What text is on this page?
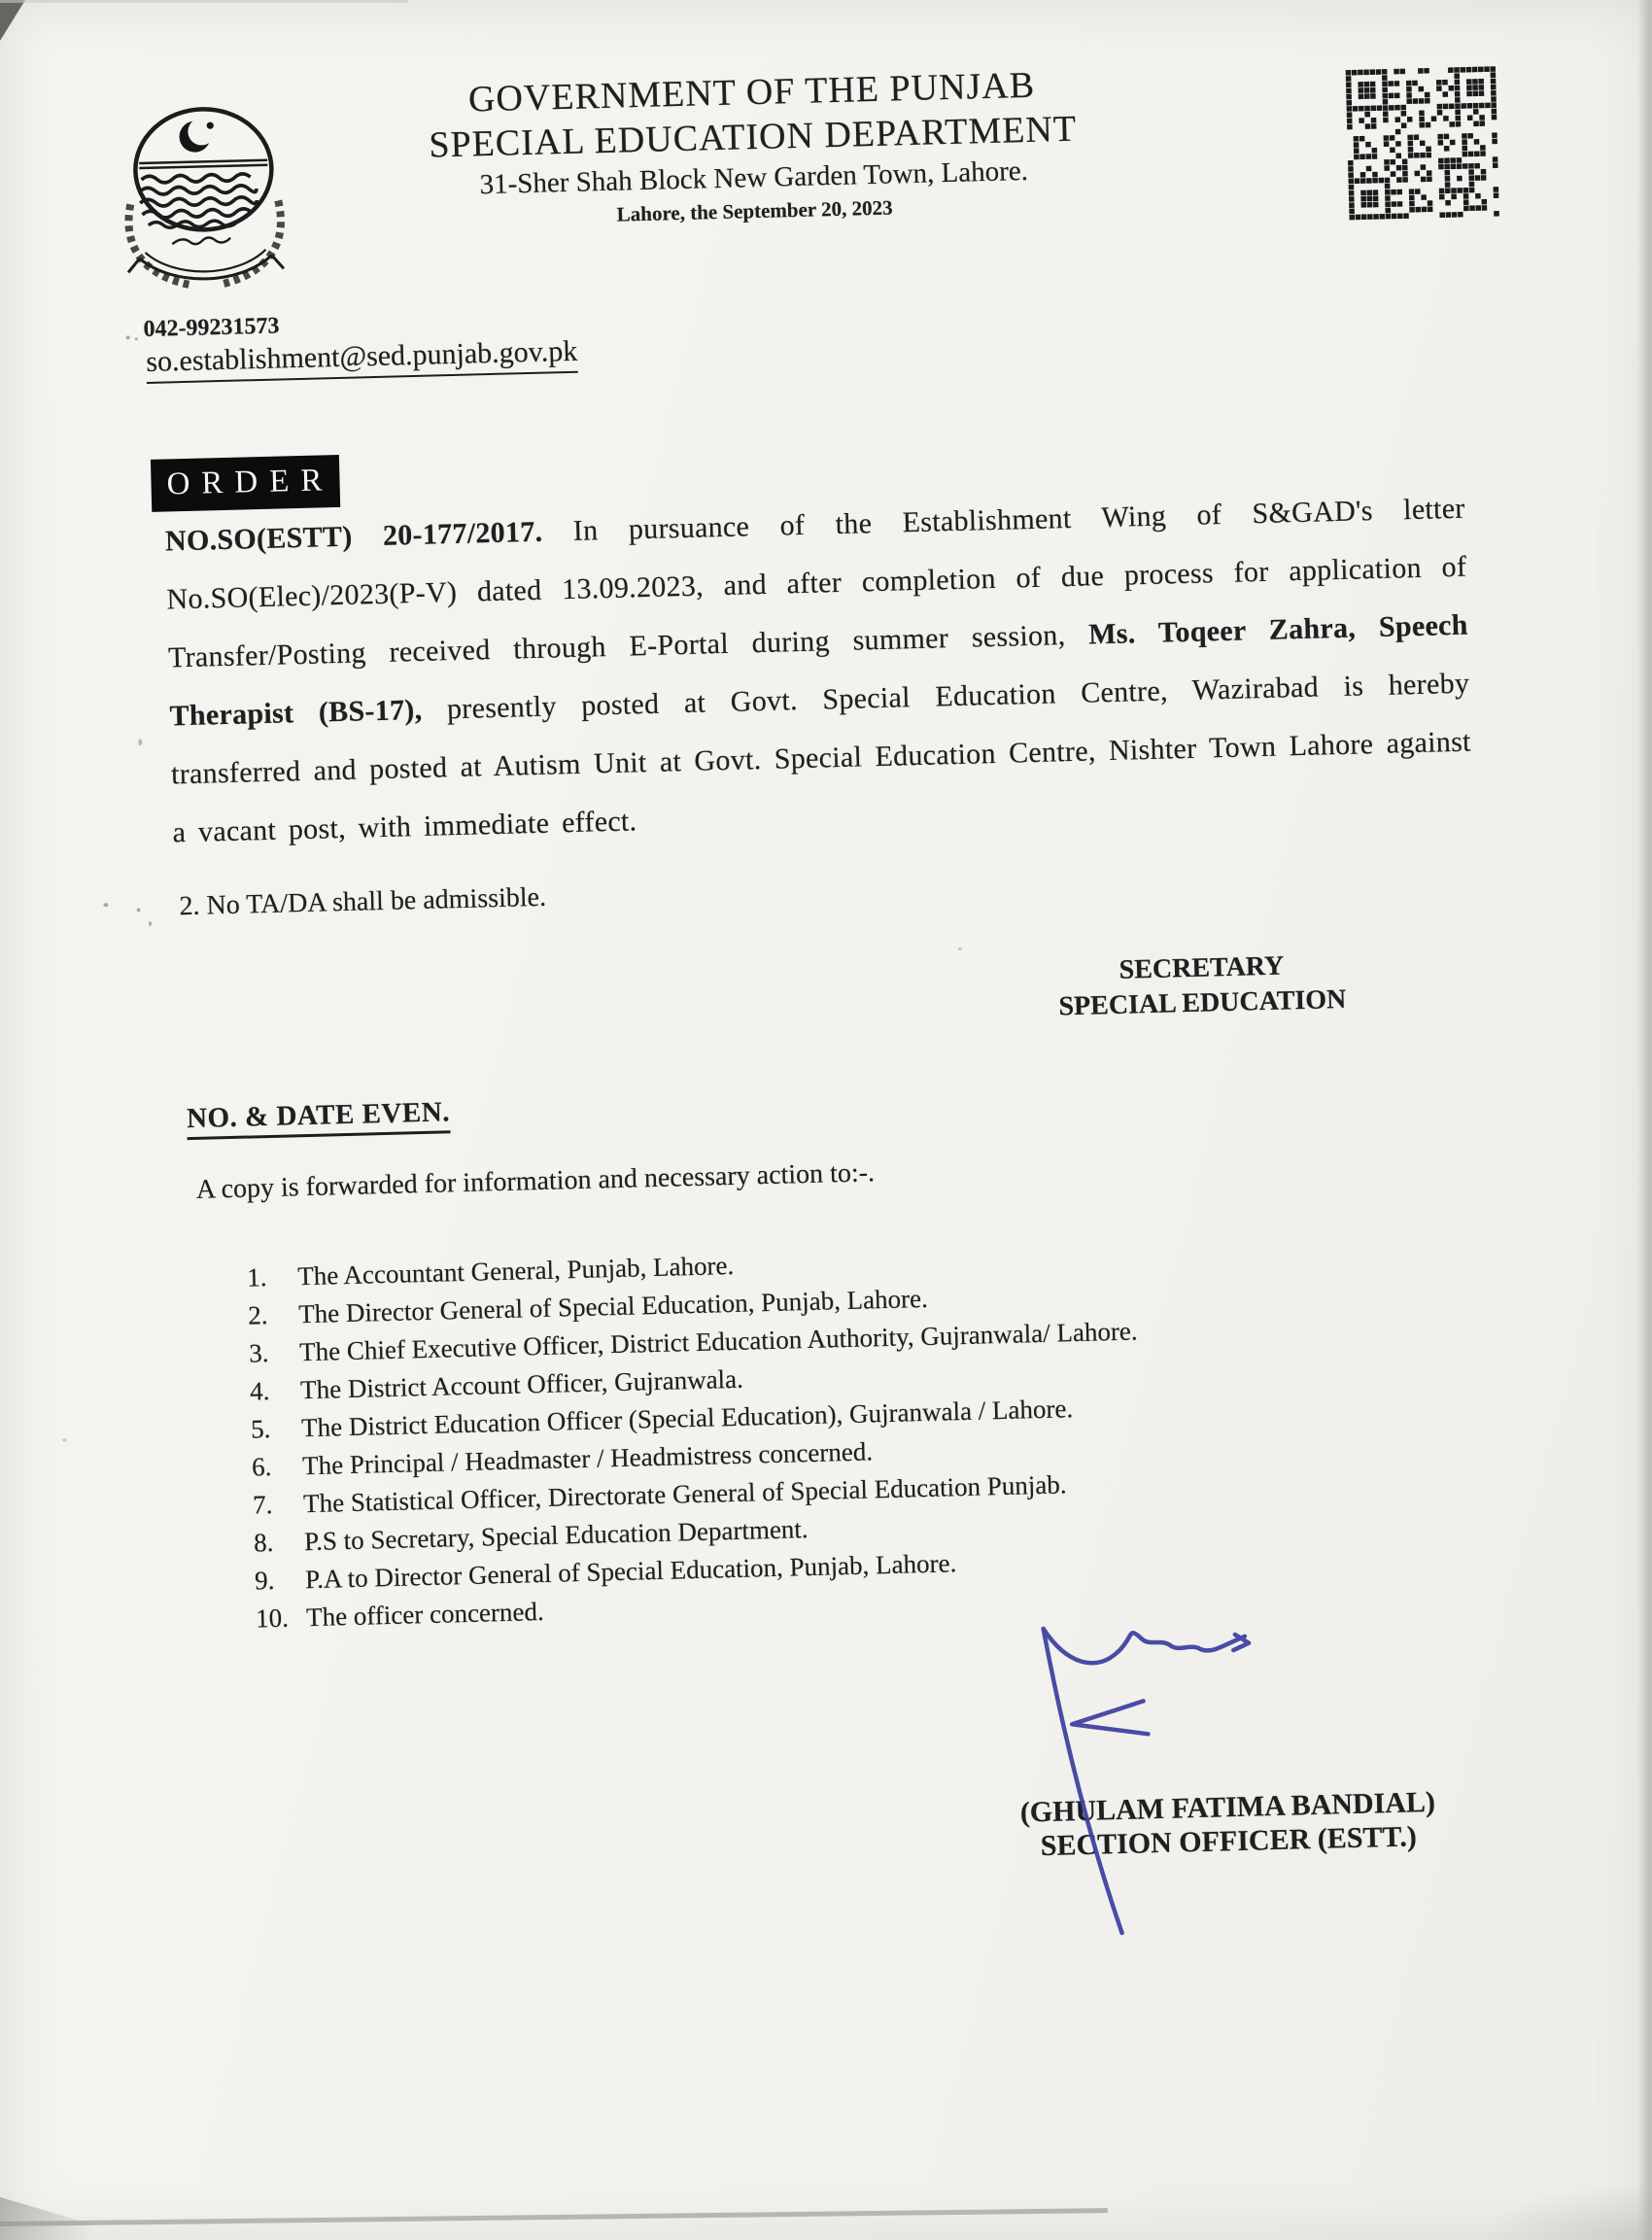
GOVERNMENT OF THE PUNJAB
SPECIAL EDUCATION DEPARTMENT
31-Sher Shah Block New Garden Town, Lahore.
Lahore, the September 20, 2023
042-99231573
so.establishment@sed.punjab.gov.pk
ORDER
NO.SO(ESTT) 20-177/2017. In pursuance of the Establishment Wing of S&GAD's letter No.SO(Elec)/2023(P-V) dated 13.09.2023, and after completion of due process for application of Transfer/Posting received through E-Portal during summer session, Ms. Toqeer Zahra, Speech Therapist (BS-17), presently posted at Govt. Special Education Centre, Wazirabad is hereby transferred and posted at Autism Unit at Govt. Special Education Centre, Nishter Town Lahore against a vacant post, with immediate effect.
2. No TA/DA shall be admissible.
SECRETARY
SPECIAL EDUCATION
NO. & DATE EVEN.
A copy is forwarded for information and necessary action to:-.
1.	The Accountant General, Punjab, Lahore.
2.	The Director General of Special Education, Punjab, Lahore.
3.	The Chief Executive Officer, District Education Authority, Gujranwala/ Lahore.
4.	The District Account Officer, Gujranwala.
5.	The District Education Officer (Special Education), Gujranwala / Lahore.
6.	The Principal / Headmaster / Headmistress concerned.
7.	The Statistical Officer, Directorate General of Special Education Punjab.
8.	P.S to Secretary, Special Education Department.
9.	P.A to Director General of Special Education, Punjab, Lahore.
10. The officer concerned.
(GHULAM FATIMA BANDIAL)
SECTION OFFICER (ESTT.)
